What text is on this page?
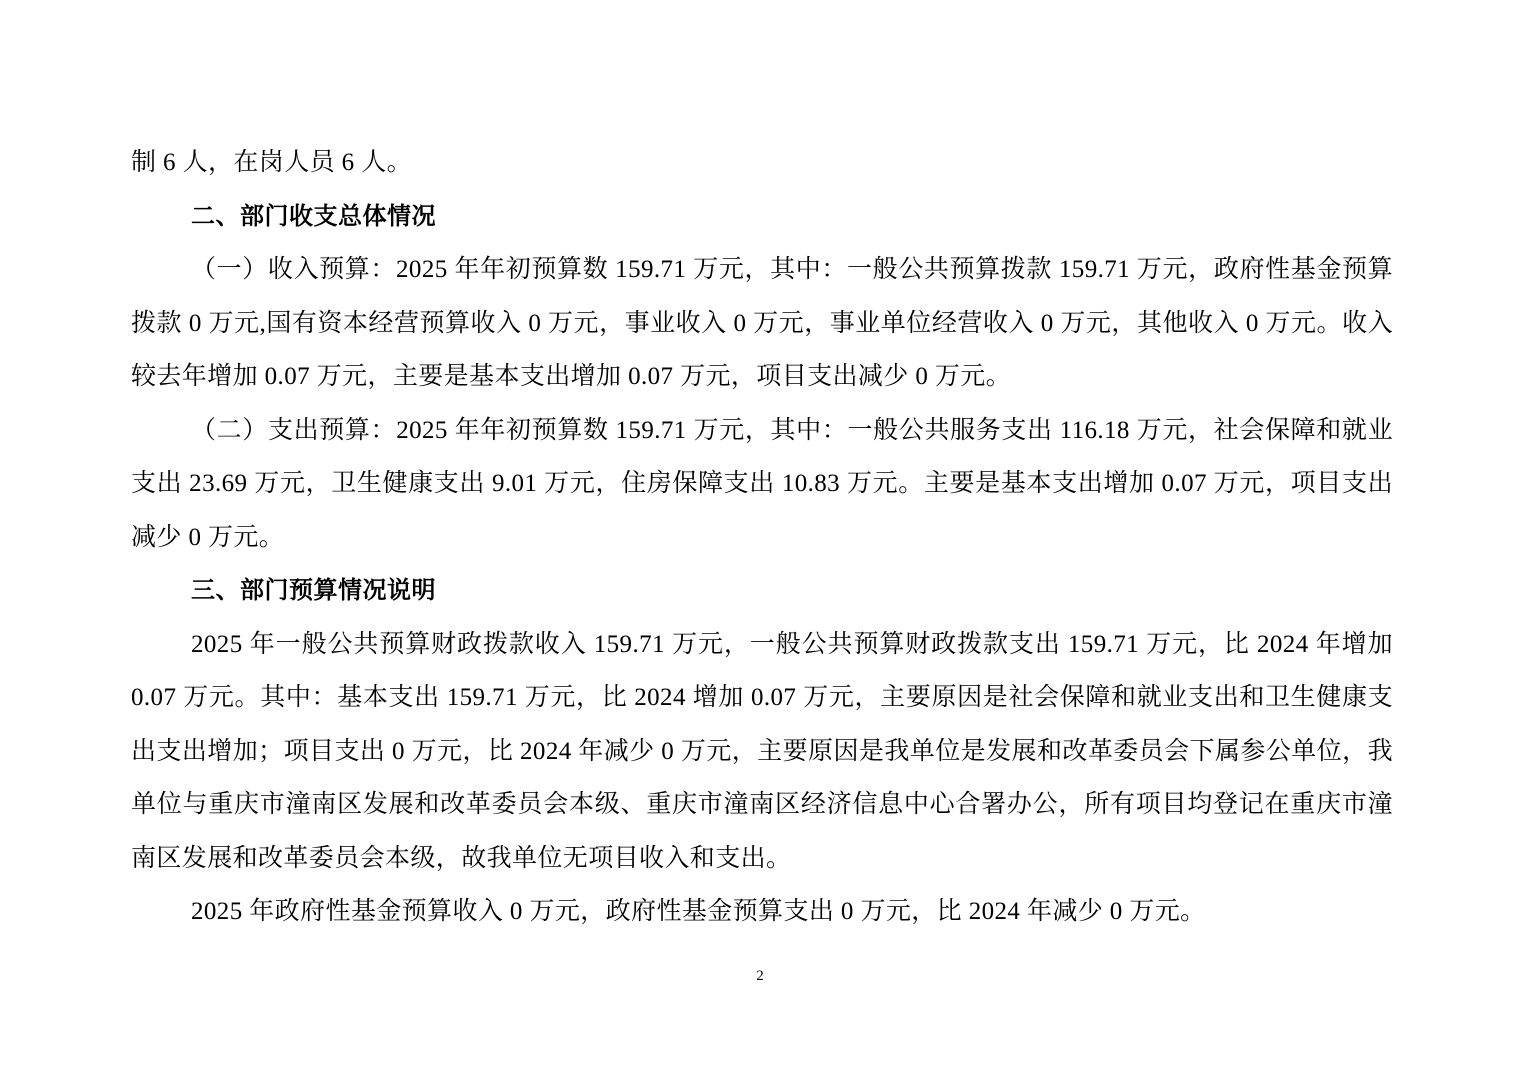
制 6 人，在岗人员 6 人。

二、部门收支总体情况

（一）收入预算：2025 年年初预算数 159.71 万元，其中：一般公共预算拨款 159.71 万元，政府性基金预算拨款 0 万元,国有资本经营预算收入 0 万元，事业收入 0 万元，事业单位经营收入 0 万元，其他收入 0 万元。收入较去年增加 0.07 万元，主要是基本支出增加 0.07 万元，项目支出减少 0 万元。

（二）支出预算：2025 年年初预算数 159.71 万元，其中：一般公共服务支出 116.18 万元，社会保障和就业支出 23.69 万元，卫生健康支出 9.01 万元，住房保障支出 10.83 万元。主要是基本支出增加 0.07 万元，项目支出减少 0 万元。

三、部门预算情况说明

2025 年一般公共预算财政拨款收入 159.71 万元，一般公共预算财政拨款支出 159.71 万元，比 2024 年增加 0.07 万元。其中：基本支出 159.71 万元，比 2024 增加 0.07 万元，主要原因是社会保障和就业支出和卫生健康支出支出增加；项目支出 0 万元，比 2024 年减少 0 万元，主要原因是我单位是发展和改革委员会下属参公单位，我单位与重庆市潼南区发展和改革委员会本级、重庆市潼南区经济信息中心合署办公，所有项目均登记在重庆市潼南区发展和改革委员会本级，故我单位无项目收入和支出。

2025 年政府性基金预算收入 0 万元，政府性基金预算支出 0 万元，比 2024 年减少 0 万元。

2
